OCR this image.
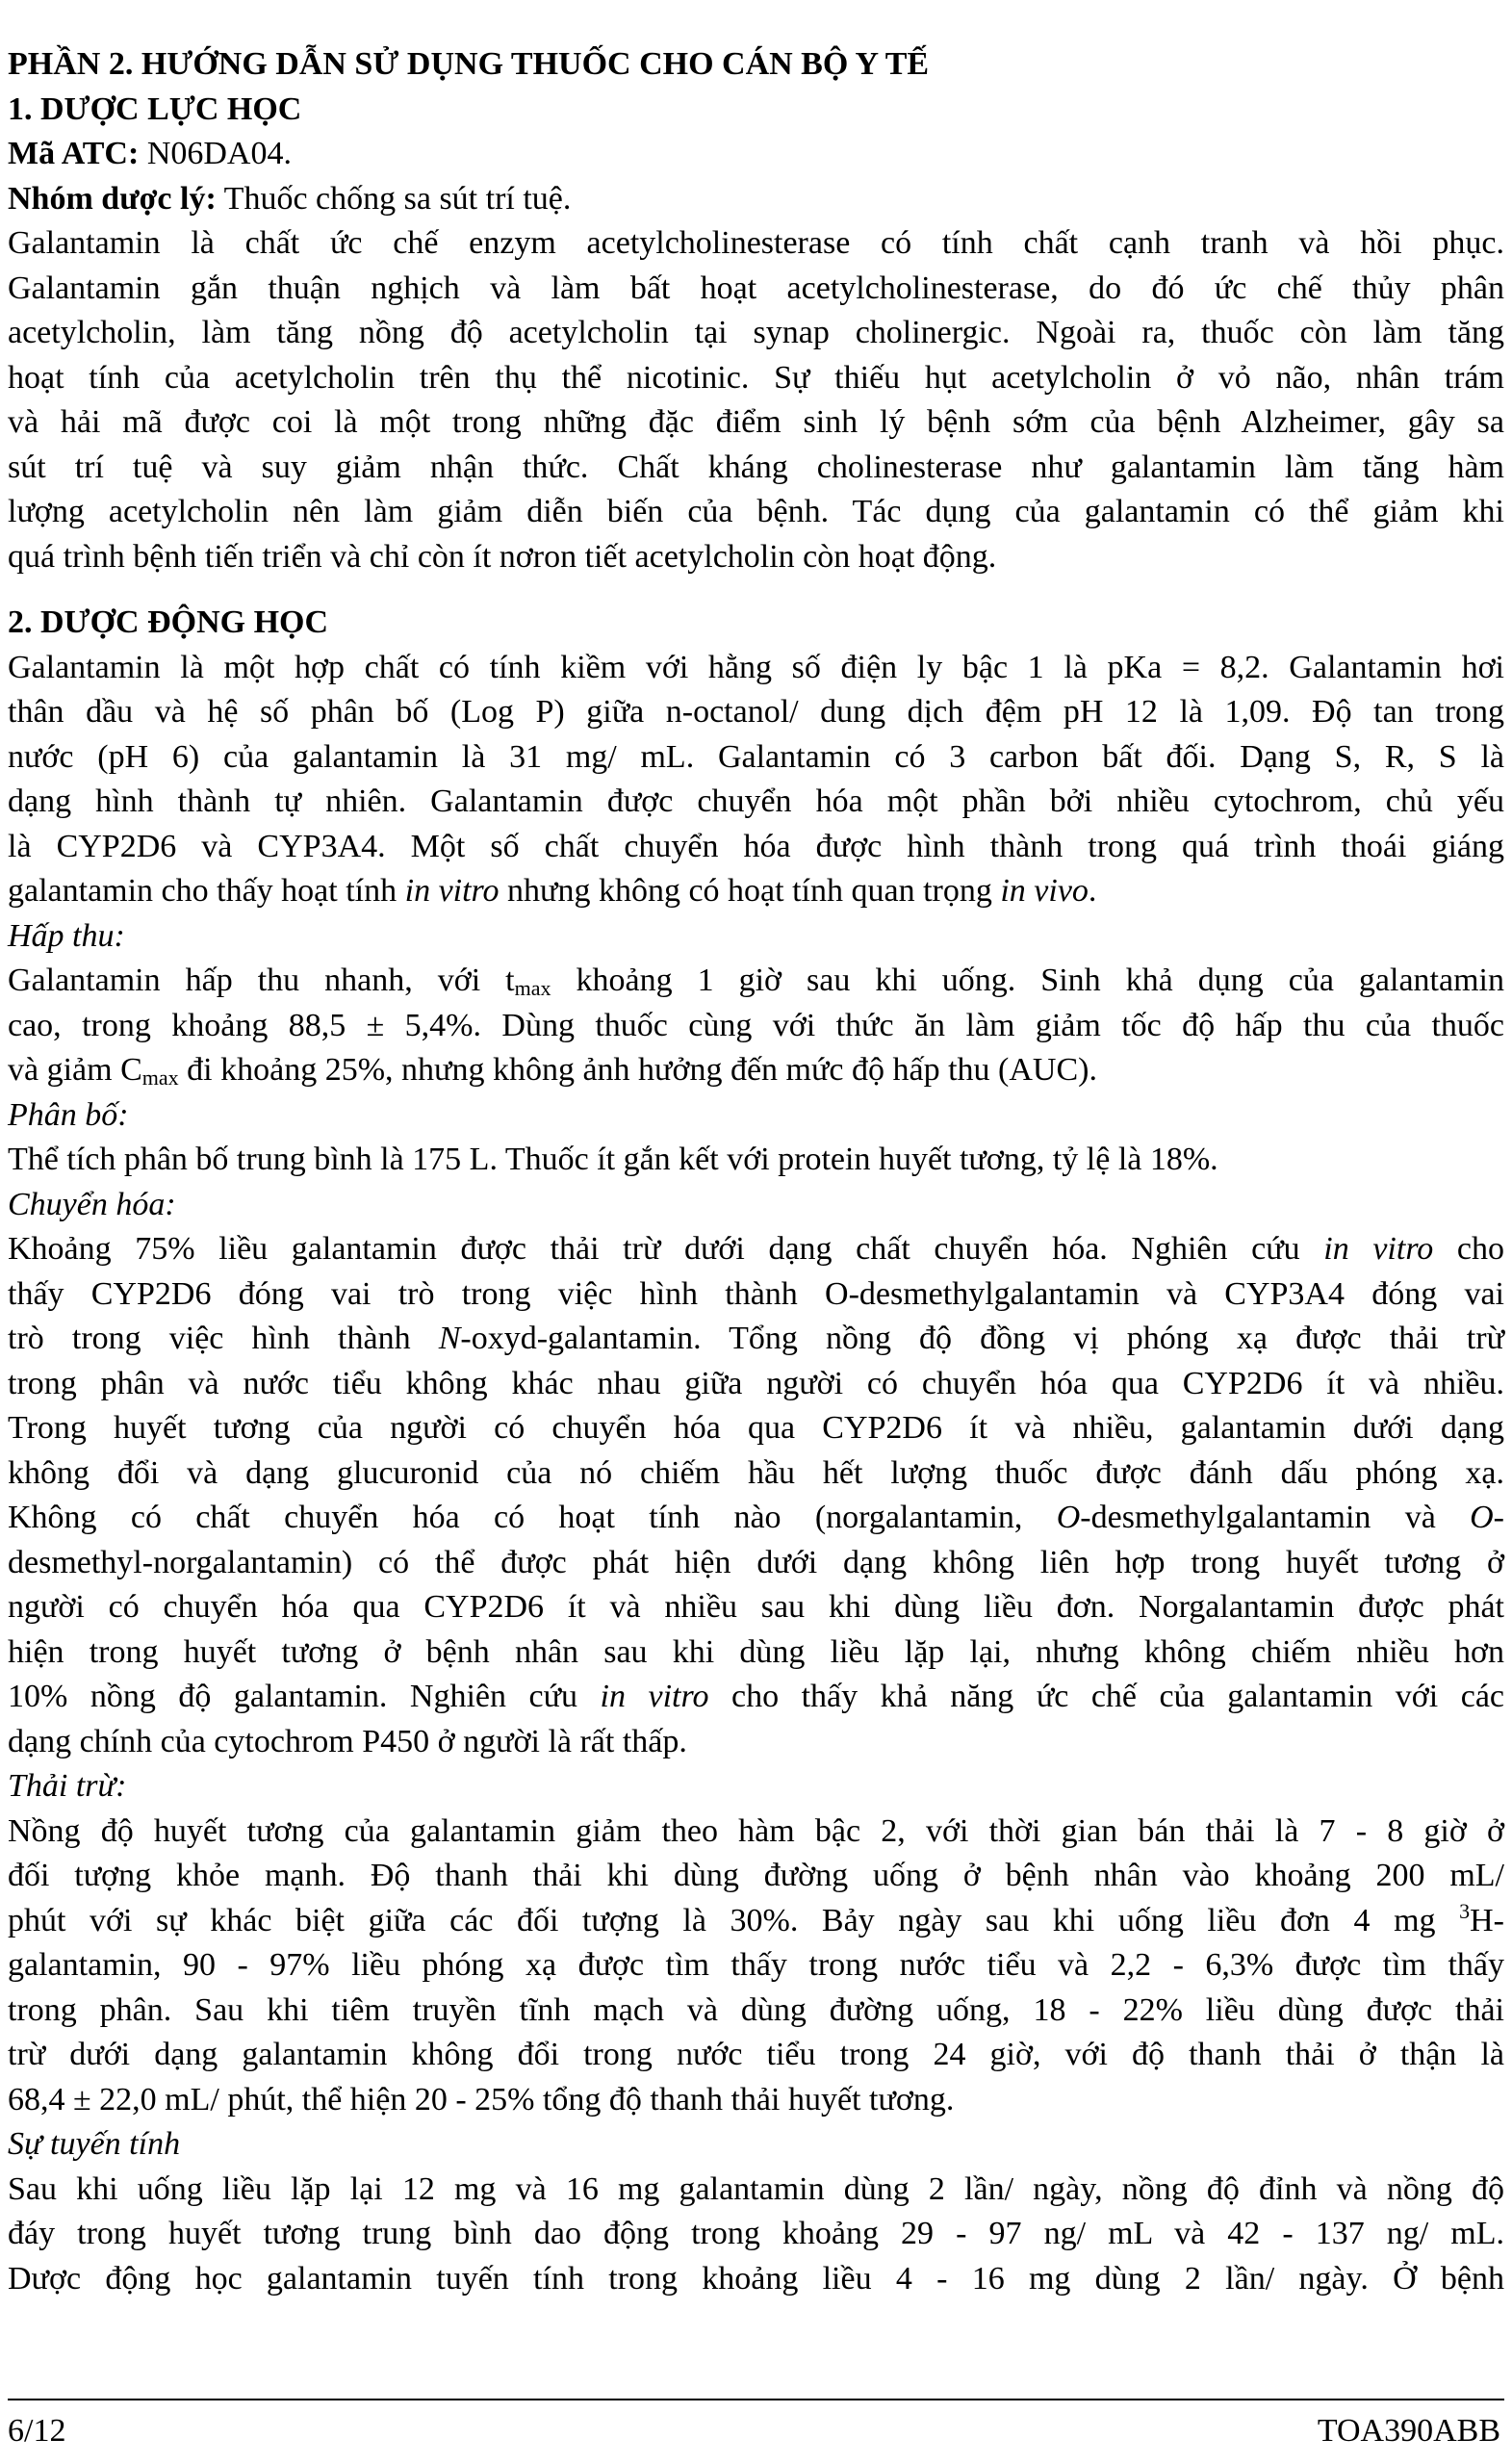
PHẦN 2. HƯỚNG DẪN SỬ DỤNG THUỐC CHO CÁN BỘ Y TẾ
1. DƯỢC LỰC HỌC
Mã ATC: N06DA04.
Nhóm dược lý: Thuốc chống sa sút trí tuệ.
Galantamin là chất ức chế enzym acetylcholinesterase có tính chất cạnh tranh và hồi phục.
Galantamin gắn thuận nghịch và làm bất hoạt acetylcholinesterase, do đó ức chế thủy phân
acetylcholin, làm tăng nồng độ acetylcholin tại synap cholinergic. Ngoài ra, thuốc còn làm tăng
hoạt tính của acetylcholin trên thụ thể nicotinic. Sự thiếu hụt acetylcholin ở vỏ não, nhân trám
và hải mã được coi là một trong những đặc điểm sinh lý bệnh sớm của bệnh Alzheimer, gây sa
sút trí tuệ và suy giảm nhận thức. Chất kháng cholinesterase như galantamin làm tăng hàm
lượng acetylcholin nên làm giảm diễn biến của bệnh. Tác dụng của galantamin có thể giảm khi
quá trình bệnh tiến triển và chỉ còn ít nơron tiết acetylcholin còn hoạt động.
2. DƯỢC ĐỘNG HỌC
Galantamin là một hợp chất có tính kiềm với hằng số điện ly bậc 1 là pKa = 8,2. Galantamin hơi
thân dầu và hệ số phân bố (Log P) giữa n-octanol/ dung dịch đệm pH 12 là 1,09. Độ tan trong
nước (pH 6) của galantamin là 31 mg/ mL. Galantamin có 3 carbon bất đối. Dạng S, R, S là
dạng hình thành tự nhiên. Galantamin được chuyển hóa một phần bởi nhiều cytochrom, chủ yếu
là CYP2D6 và CYP3A4. Một số chất chuyển hóa được hình thành trong quá trình thoái giáng
galantamin cho thấy hoạt tính in vitro nhưng không có hoạt tính quan trọng in vivo.
Hấp thu:
Galantamin hấp thu nhanh, với $t_{max}$ khoảng 1 giờ sau khi uống. Sinh khả dụng của galantamin
cao, trong khoảng 88,5 ± 5,4%. Dùng thuốc cùng với thức ăn làm giảm tốc độ hấp thu của thuốc
và giảm $C_{max}$ đi khoảng 25%, nhưng không ảnh hưởng đến mức độ hấp thu (AUC).
Phân bố:
Thể tích phân bố trung bình là 175 L. Thuốc ít gắn kết với protein huyết tương, tỷ lệ là 18%.
Chuyển hóa:
Khoảng 75% liều galantamin được thải trừ dưới dạng chất chuyển hóa. Nghiên cứu in vitro cho
thấy CYP2D6 đóng vai trò trong việc hình thành O-desmethylgalantamin và CYP3A4 đóng vai
trò trong việc hình thành N-oxyd-galantamin. Tổng nồng độ đồng vị phóng xạ được thải trừ
trong phân và nước tiểu không khác nhau giữa người có chuyển hóa qua CYP2D6 ít và nhiều.
Trong huyết tương của người có chuyển hóa qua CYP2D6 ít và nhiều, galantamin dưới dạng
không đổi và dạng glucuronid của nó chiếm hầu hết lượng thuốc được đánh dấu phóng xạ.
Không có chất chuyển hóa có hoạt tính nào (norgalantamin, O-desmethylgalantamin và O-
desmethyl-norgalantamin) có thể được phát hiện dưới dạng không liên hợp trong huyết tương ở
người có chuyển hóa qua CYP2D6 ít và nhiều sau khi dùng liều đơn. Norgalantamin được phát
hiện trong huyết tương ở bệnh nhân sau khi dùng liều lặp lại, nhưng không chiếm nhiều hơn
10% nồng độ galantamin. Nghiên cứu in vitro cho thấy khả năng ức chế của galantamin với các
dạng chính của cytochrom P450 ở người là rất thấp.
Thải trừ:
Nồng độ huyết tương của galantamin giảm theo hàm bậc 2, với thời gian bán thải là 7 - 8 giờ ở
đối tượng khỏe mạnh. Độ thanh thải khi dùng đường uống ở bệnh nhân vào khoảng 200 mL/
phút với sự khác biệt giữa các đối tượng là 30%. Bảy ngày sau khi uống liều đơn 4 mg $^3$H-
galantamin, 90 - 97% liều phóng xạ được tìm thấy trong nước tiểu và 2,2 - 6,3% được tìm thấy
trong phân. Sau khi tiêm truyền tĩnh mạch và dùng đường uống, 18 - 22% liều dùng được thải
trừ dưới dạng galantamin không đổi trong nước tiểu trong 24 giờ, với độ thanh thải ở thận là
68,4 ± 22,0 mL/ phút, thể hiện 20 - 25% tổng độ thanh thải huyết tương.
Sự tuyến tính
Sau khi uống liều lặp lại 12 mg và 16 mg galantamin dùng 2 lần/ ngày, nồng độ đỉnh và nồng độ
đáy trong huyết tương trung bình dao động trong khoảng 29 - 97 ng/ mL và 42 - 137 ng/ mL.
Dược động học galantamin tuyến tính trong khoảng liều 4 - 16 mg dùng 2 lần/ ngày. Ở bệnh
6/12	TOA390ABB
